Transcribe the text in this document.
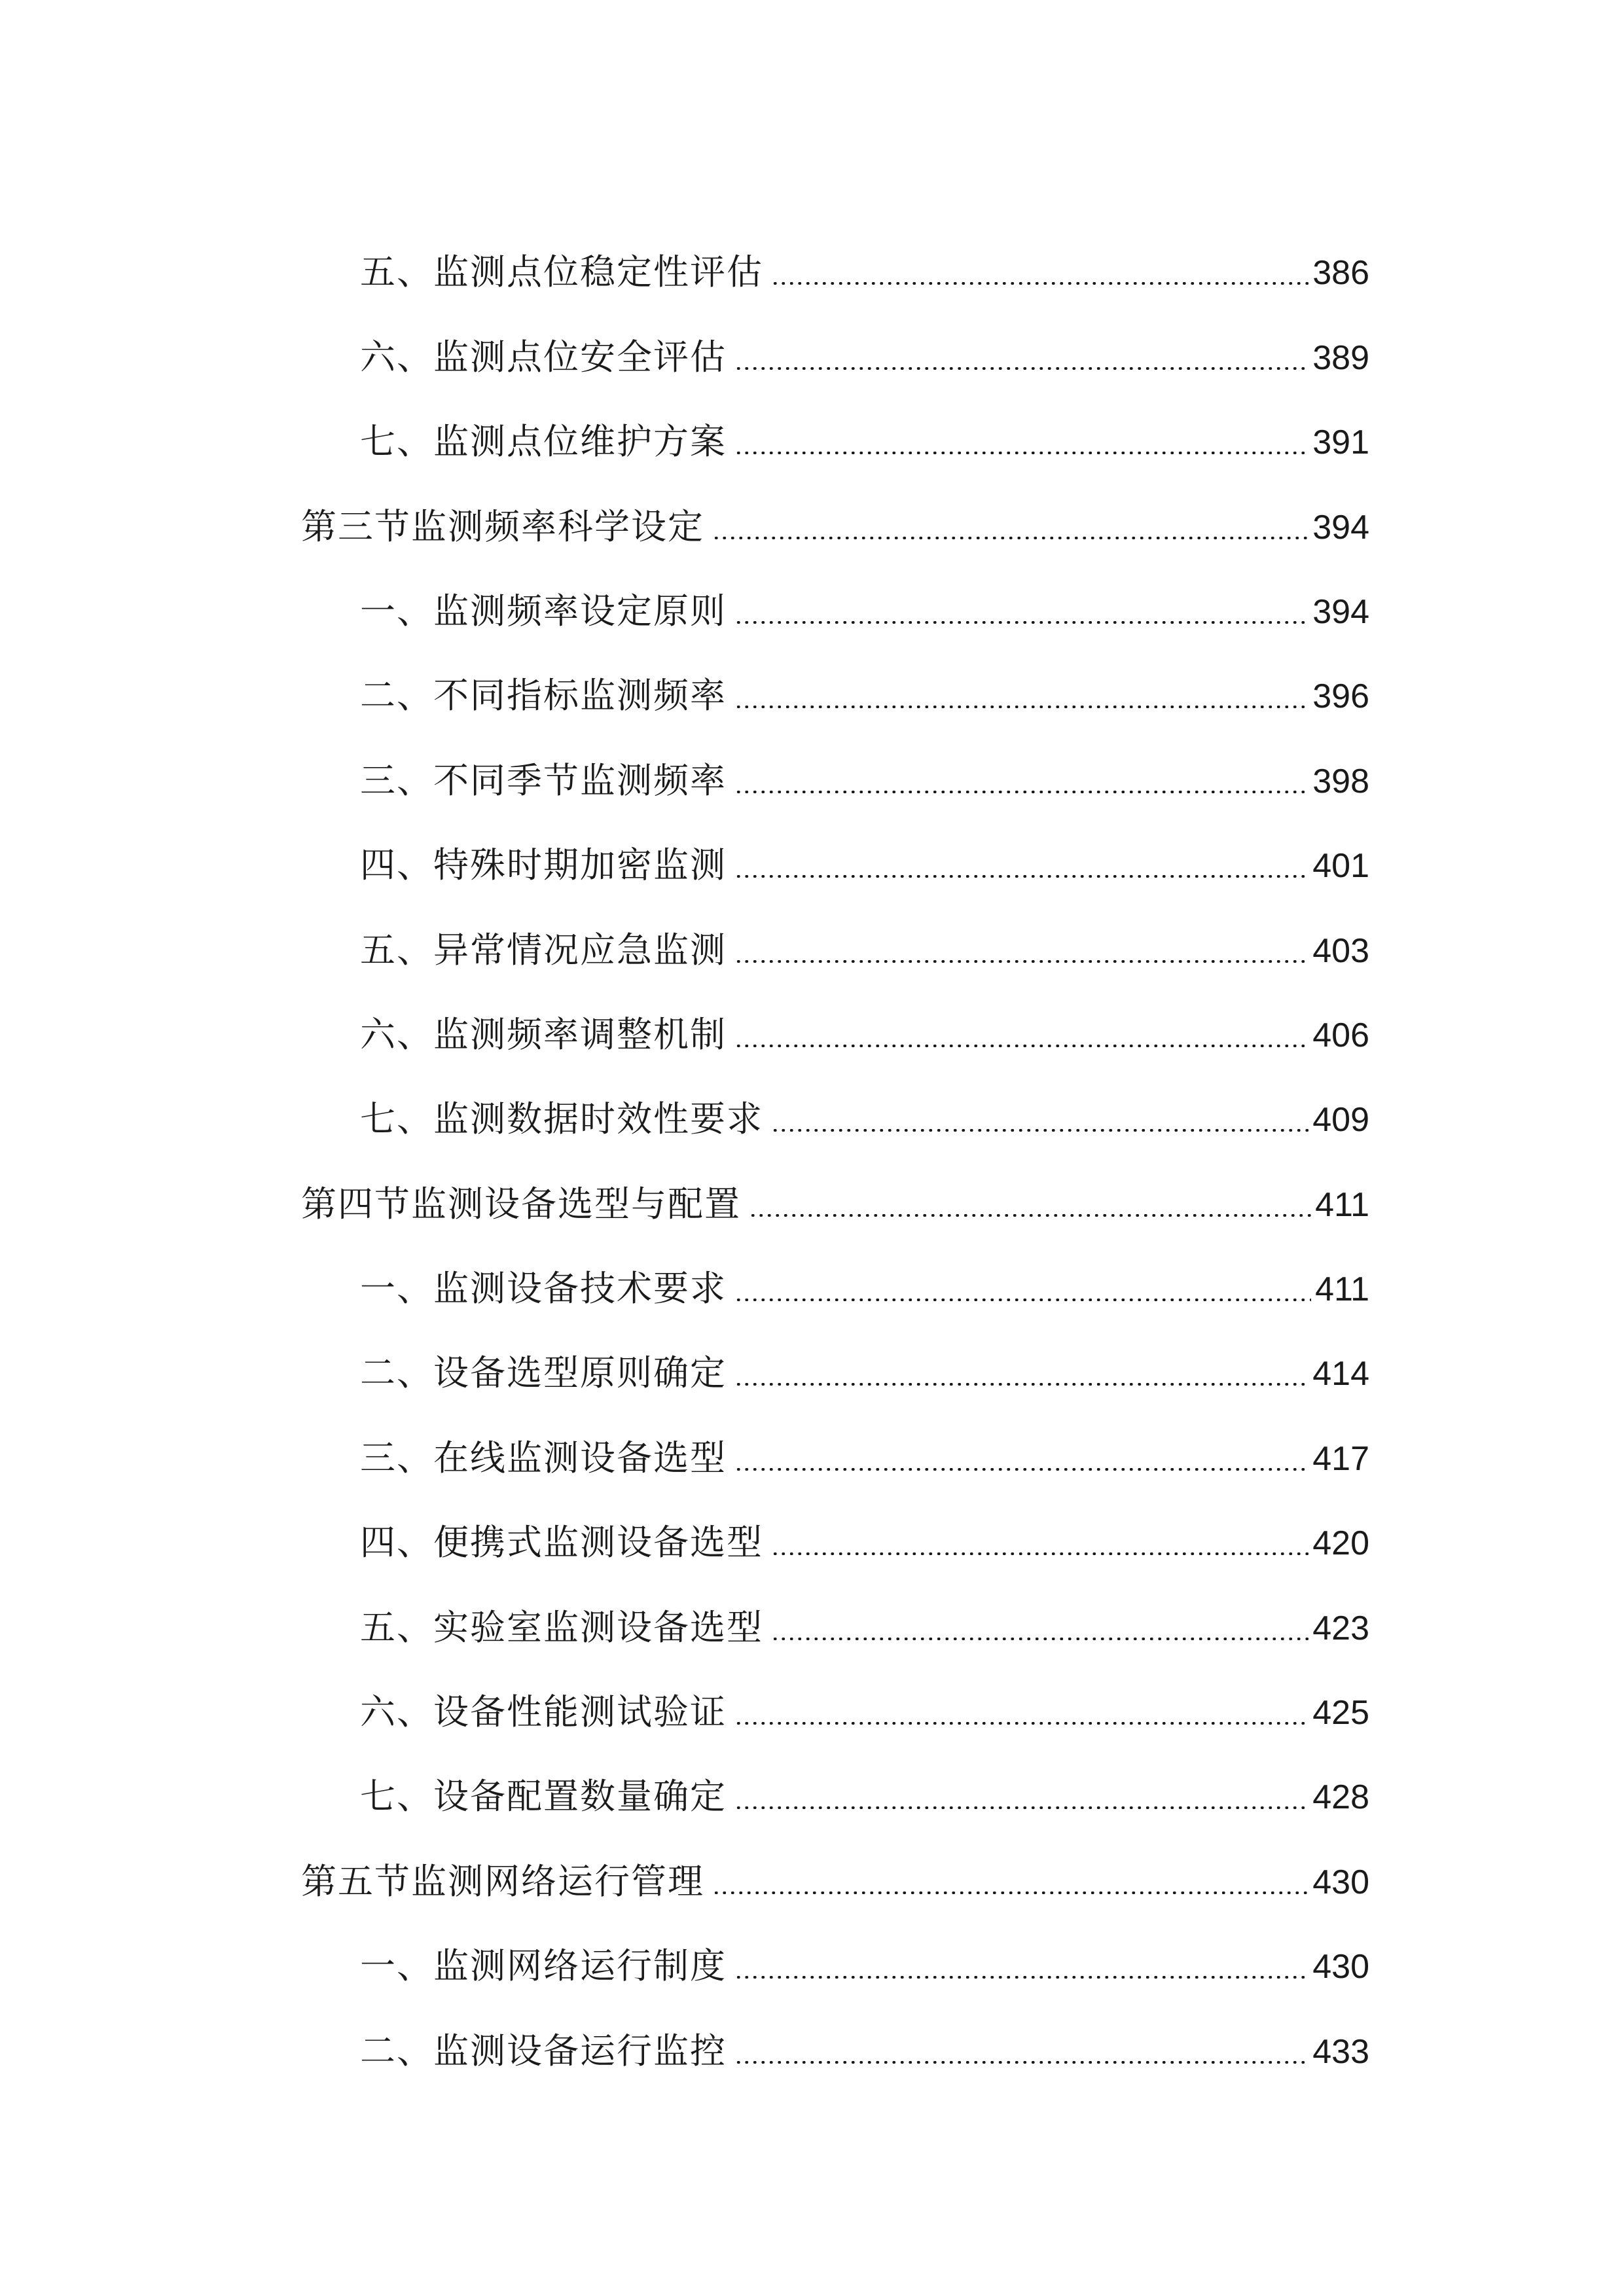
五、监测点位稳定性评估	386
六、监测点位安全评估	389
七、监测点位维护方案	391
第三节监测频率科学设定	394
一、监测频率设定原则	394
二、不同指标监测频率	396
三、不同季节监测频率	398
四、特殊时期加密监测	401
五、异常情况应急监测	403
六、监测频率调整机制	406
七、监测数据时效性要求	409
第四节监测设备选型与配置	411
一、监测设备技术要求	411
二、设备选型原则确定	414
三、在线监测设备选型	417
四、便携式监测设备选型	420
五、实验室监测设备选型	423
六、设备性能测试验证	425
七、设备配置数量确定	428
第五节监测网络运行管理	430
一、监测网络运行制度	430
二、监测设备运行监控	433
